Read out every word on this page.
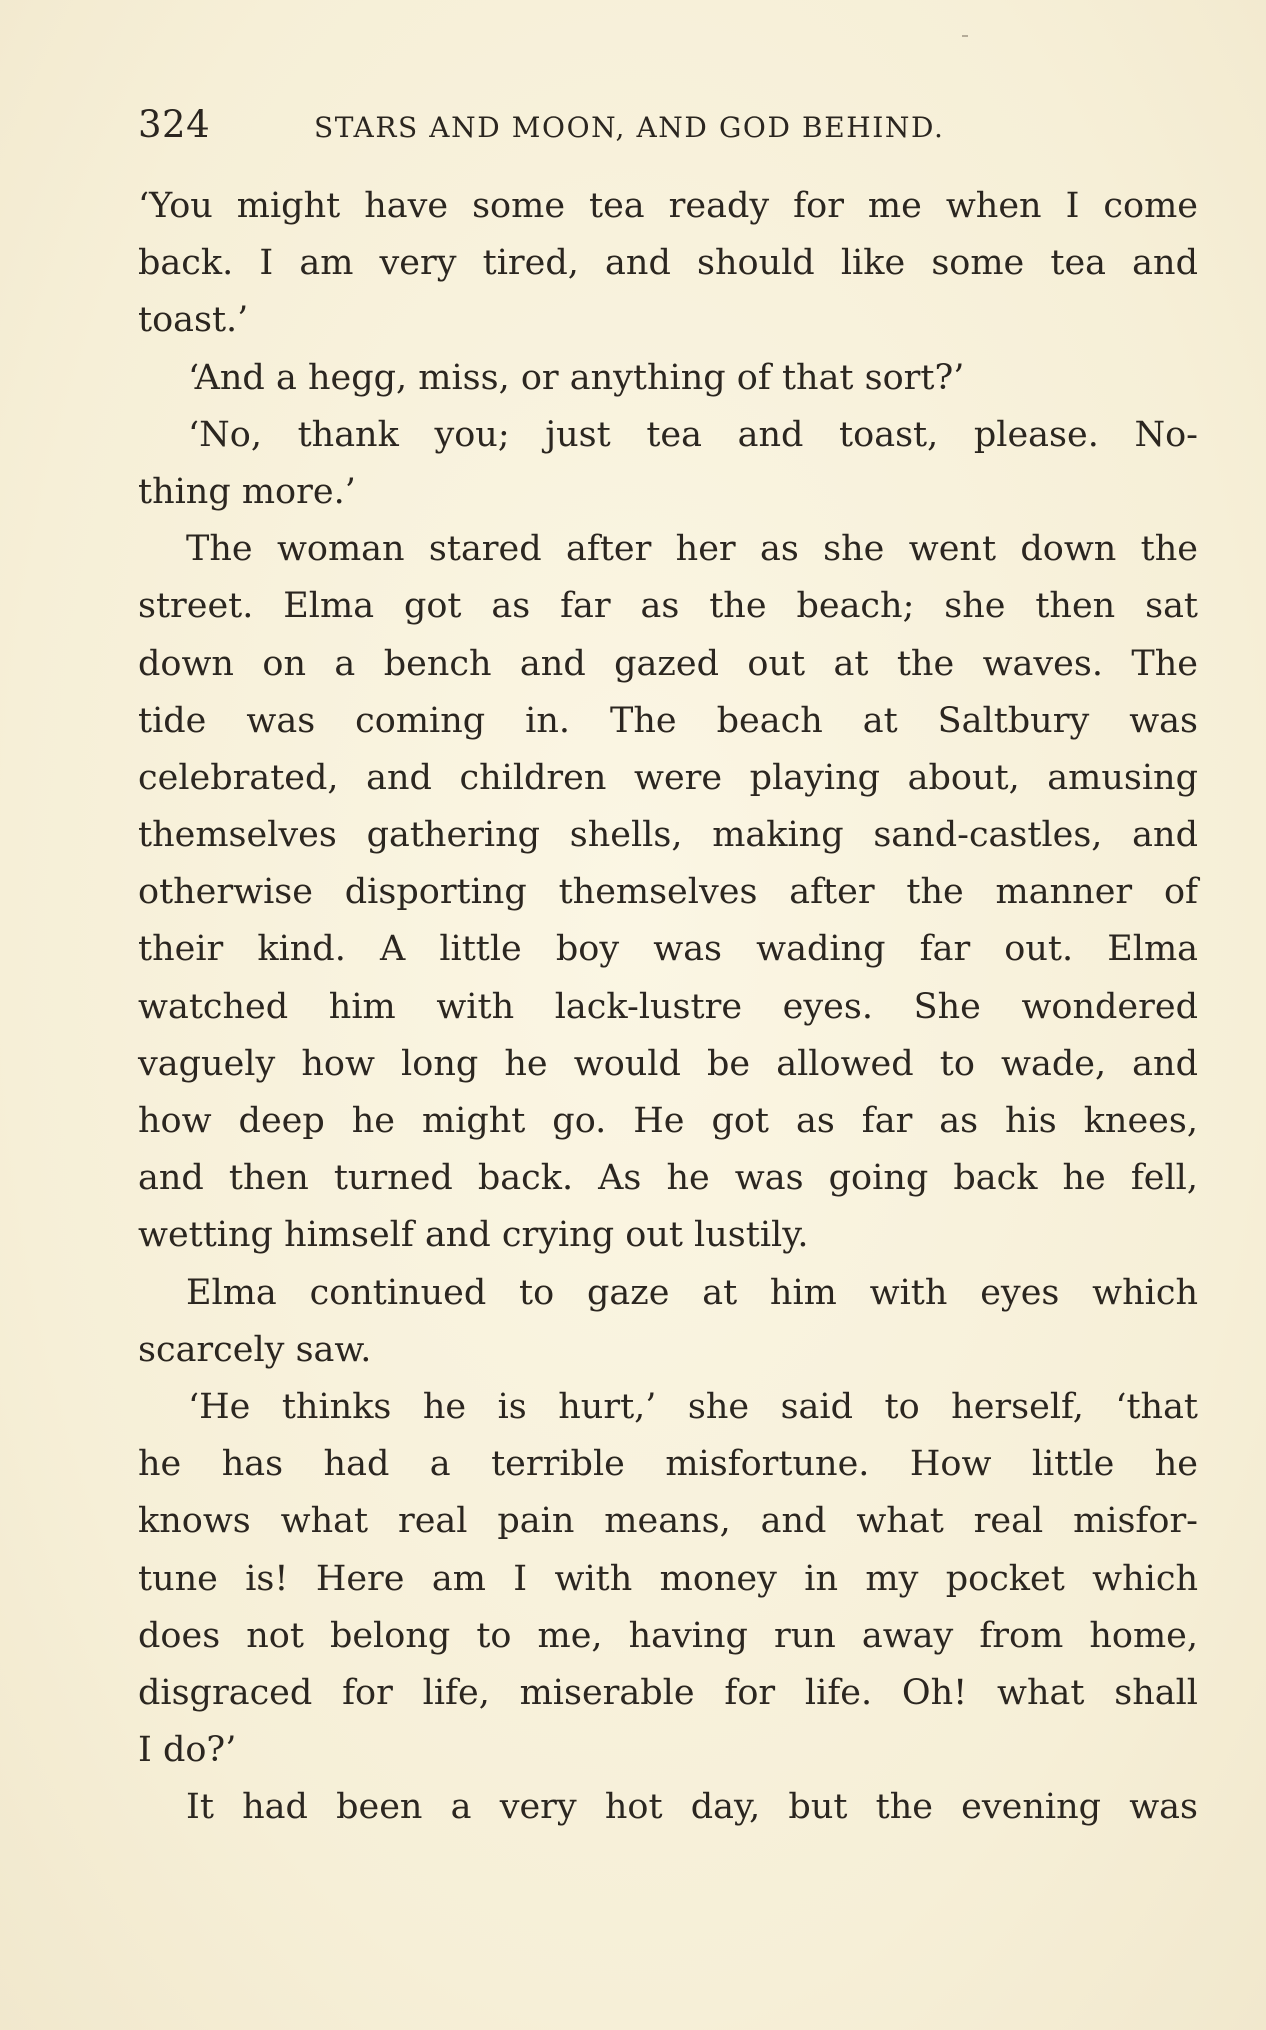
324	STARS AND MOON, AND GOD BEHIND.
‘You might have some tea ready for me when I come
back. I am very tired, and should like some tea and
toast.’
‘And a hegg, miss, or anything of that sort?’
‘No, thank you; just tea and toast, please. No-
thing more.’
The woman stared after her as she went down the
street. Elma got as far as the beach; she then sat
down on a bench and gazed out at the waves. The
tide was coming in. The beach at Saltbury was
celebrated, and children were playing about, amusing
themselves gathering shells, making sand-castles, and
otherwise disporting themselves after the manner of
their kind. A little boy was wading far out. Elma
watched him with lack-lustre eyes. She wondered
vaguely how long he would be allowed to wade, and
how deep he might go. He got as far as his knees,
and then turned back. As he was going back he fell,
wetting himself and crying out lustily.
Elma continued to gaze at him with eyes which
scarcely saw.
‘He thinks he is hurt,’ she said to herself, ‘that
he has had a terrible misfortune. How little he
knows what real pain means, and what real misfor-
tune is! Here am I with money in my pocket which
does not belong to me, having run away from home,
disgraced for life, miserable for life. Oh! what shall
I do?’
It had been a very hot day, but the evening was
